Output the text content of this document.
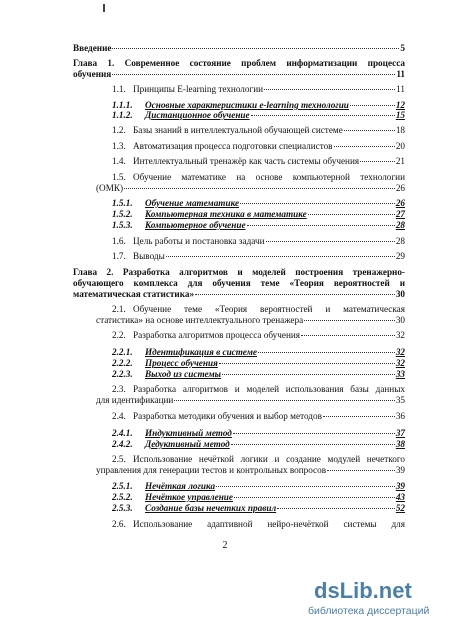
Введение	5
Глава 1. Современное состояние проблем информатизации процесса
обучения	11
1.1. Принципы E-learning технологии	11
1.1.1. Основные характеристики e-learning технологии	12
1.1.2. Дистанционное обучение	15
1.2. Базы знаний в интеллектуальной обучающей системе	18
1.3. Автоматизация процесса подготовки специалистов	20
1.4. Интеллектуальный тренажёр как часть системы обучения	21
1.5. Обучение математике на основе компьютерной технологии
(ОМК)	26
1.5.1. Обучение математике	26
1.5.2. Компьютерная техника в математике	27
1.5.3. Компьютерное обучение	28
1.6. Цель работы и постановка задачи	28
1.7. Выводы	29
Глава 2. Разработка алгоритмов и моделей построения тренажерно-
обучающего комплекса для обучения теме «Теория вероятностей и
математическая статистика»	30
2.1. Обучение теме «Теория вероятностей и математическая
статистика» на основе интеллектуального тренажера	30
2.2. Разработка алгоритмов процесса обучения	32
2.2.1. Идентификация в системе	32
2.2.2. Процесс обучения	32
2.2.3. Выход из системы	33
2.3. Разработка алгоритмов и моделей использования базы данных
для идентификации	35
2.4. Разработка методики обучения и выбор методов	36
2.4.1. Индуктивный метод	37
2.4.2. Дедуктивный метод	38
2.5. Использование нечёткой логики и создание модулей нечеткого
управления для генерации тестов и контрольных вопросов	39
2.5.1. Нечёткая логика	39
2.5.2. Нечёткое управление	43
2.5.3. Создание базы нечетких правил	52
2.6. Использование адаптивной нейро-нечёткой системы для
2
dsLib.net
библиотека диссертаций
